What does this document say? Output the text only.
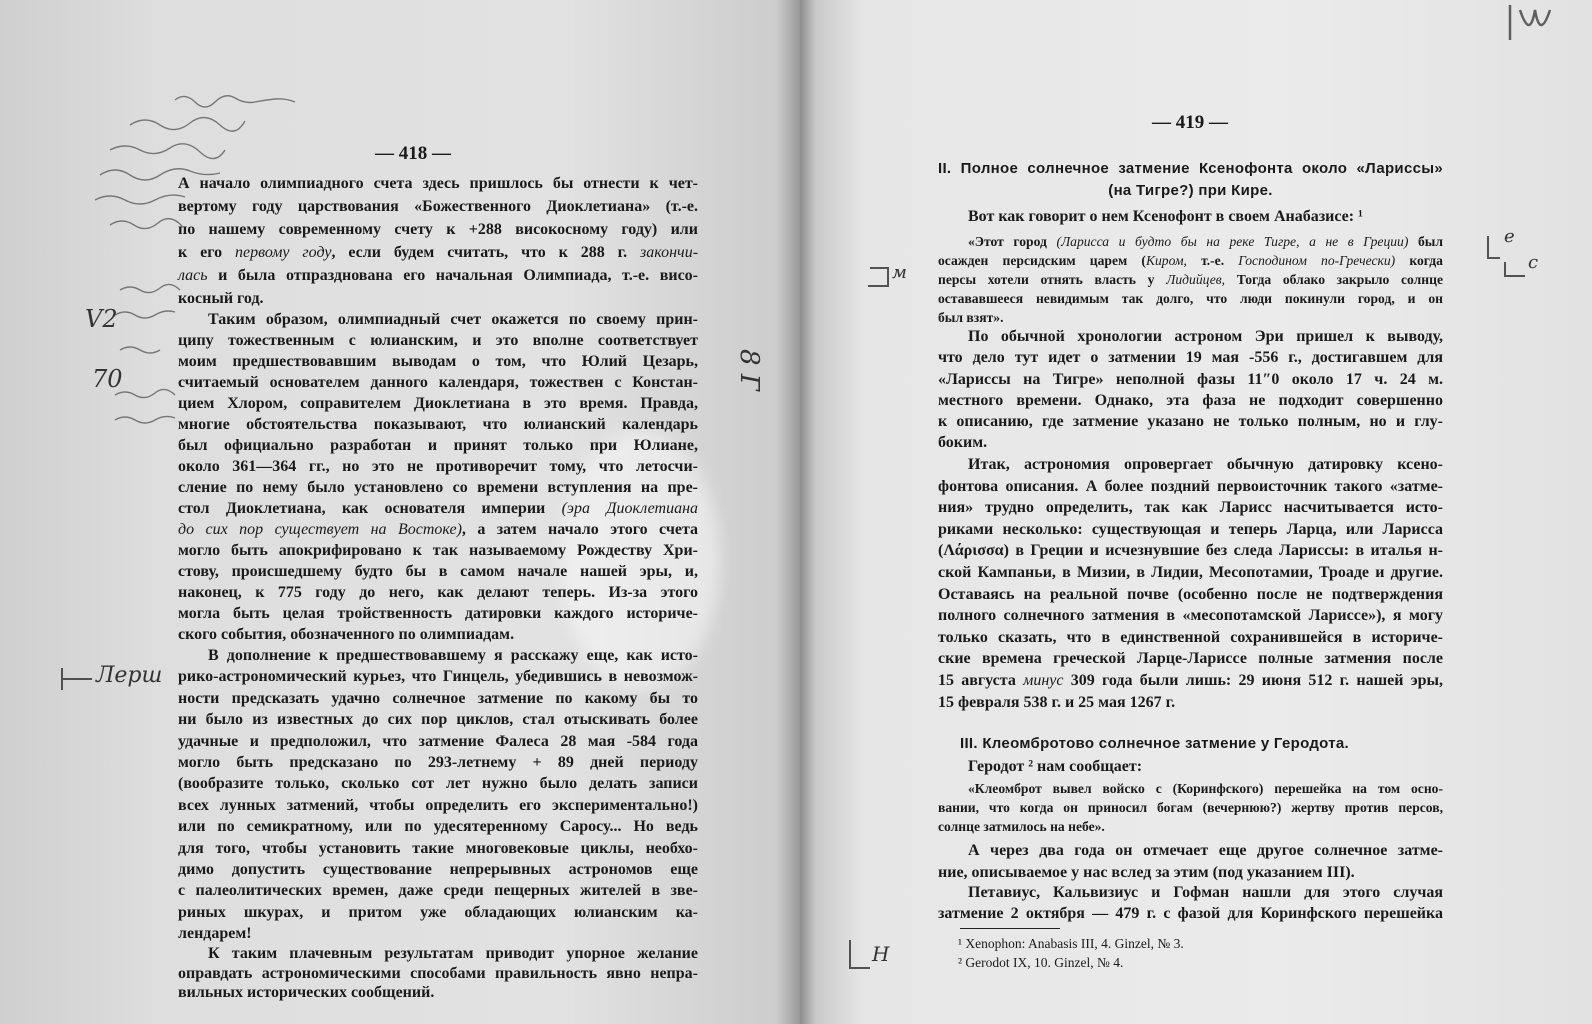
— 418 —
А начало олимпиадного счета здесь пришлось бы отнести к чет-
вертому году царствования «Божественного Диоклетиана» (т.-е.
по нашему современному счету к +288 високосному году) или
к его первому году, если будем считать, что к 288 г. закончи-
лась и была отпразднована его начальная Олимпиада, т.-е. висо-
косный год.
Таким образом, олимпиадный счет окажется по своему прин-
ципу тожественным с юлианским, и это вполне соответствует
моим предшествовавшим выводам о том, что Юлий Цезарь,
считаемый основателем данного календаря, тожествен с Констан-
цием Хлором, соправителем Диоклетиана в это время. Правда,
многие обстоятельства показывают, что юлианский календарь
был официально разработан и принят только при Юлиане,
около 361—364 гг., но это не противоречит тому, что летосчи-
сление по нему было установлено со времени вступления на пре-
стол Диоклетиана, как основателя империи (эра Диоклетиана
до сих пор существует на Востоке), а затем начало этого счета
могло быть апокрифировано к так называемому Рождеству Хри-
стову, происшедшему будто бы в самом начале нашей эры, и,
наконец, к 775 году до него, как делают теперь. Из-за этого
могла быть целая тройственность датировки каждого историче-
ского события, обозначенного по олимпиадам.
В дополнение к предшествовавшему я расскажу еще, как исто-
рико-астрономический курьез, что Гинцель, убедившись в невозмож-
ности предсказать удачно солнечное затмение по какому бы то
ни было из известных до сих пор циклов, стал отыскивать более
удачные и предположил, что затмение Фалеса 28 мая -584 года
могло быть предсказано по 293-летнему + 89 дней периоду
(вообразите только, сколько сот лет нужно было делать записи
всех лунных затмений, чтобы определить его экспериментально!)
или по семикратному, или по удесятеренному Саросу... Но ведь
для того, чтобы установить такие многовековые циклы, необхо-
димо допустить существование непрерывных астрономов еще
с палеолитических времен, даже среди пещерных жителей в зве-
риных шкурах, и притом уже обладающих юлианским ка-
лендарем!
К таким плачевным результатам приводит упорное желание
оправдать астрономическими способами правильность явно непра-
вильных исторических сообщений.
— 419 —
II. Полное солнечное затмение Ксенофонта около «Лариссы»
(на Тигре?) при Кире.
Вот как говорит о нем Ксенофонт в своем Анабазисе: ¹
«Этот город (Ларисса и будто бы на реке Тигре, а не в Греции) был
осажден персидским царем (Киром, т.-е. Господином по-Гречески) когда
персы хотели отнять власть у Лидийцев, Тогда облако закрыло солнце
остававшееся невидимым так долго, что люди покинули город, и он
был взят».
По обычной хронологии астроном Эри пришел к выводу,
что дело тут идет о затмении 19 мая -556 г., достигавшем для
«Лариссы на Тигре» неполной фазы 11″0 около 17 ч. 24 м.
местного времени. Однако, эта фаза не подходит совершенно
к описанию, где затмение указано не только полным, но и глу-
боким.
Итак, астрономия опровергает обычную датировку ксено-
фонтова описания. А более поздний первоисточник такого «затме-
ния» трудно определить, так как Ларисс насчитывается исто-
риками несколько: существующая и теперь Ларца, или Ларисса
(Λάρισσα) в Греции и исчезнувшие без следа Лариссы: в италья н-
ской Кампаньи, в Мизии, в Лидии, Месопотамии, Троаде и другие.
Оставаясь на реальной почве (особенно после не подтверждения
полного солнечного затмения в «месопотамской Лариссе»), я могу
только сказать, что в единственной сохранившейся в историче-
ские времена греческой Ларце-Лариссе полные затмения после
15 августа минус 309 года были лишь: 29 июня 512 г. нашей эры,
15 февраля 538 г. и 25 мая 1267 г.
III. Клеомбротово солнечное затмение у Геродота.
Геродот ² нам сообщает:
«Клеомброт вывел войско с (Коринфского) перешейка на том осно-
вании, что когда он приносил богам (вечернюю?) жертву против персов,
солнце затмилось на небе».
А через два года он отмечает еще другое солнечное затме-
ние, описываемое у нас вслед за этим (под указанием III).
Петавиус, Кальвизиус и Гофман нашли для этого случая
затмение 2 октября — 479 г. с фазой для Коринфского перешейка
¹ Xenophon: Anabasis III, 4. Ginzel, № 3.
² Gerodot IX, 10. Ginzel, № 4.
Лерш
м
Н
е
с
V2
70	8 Г
